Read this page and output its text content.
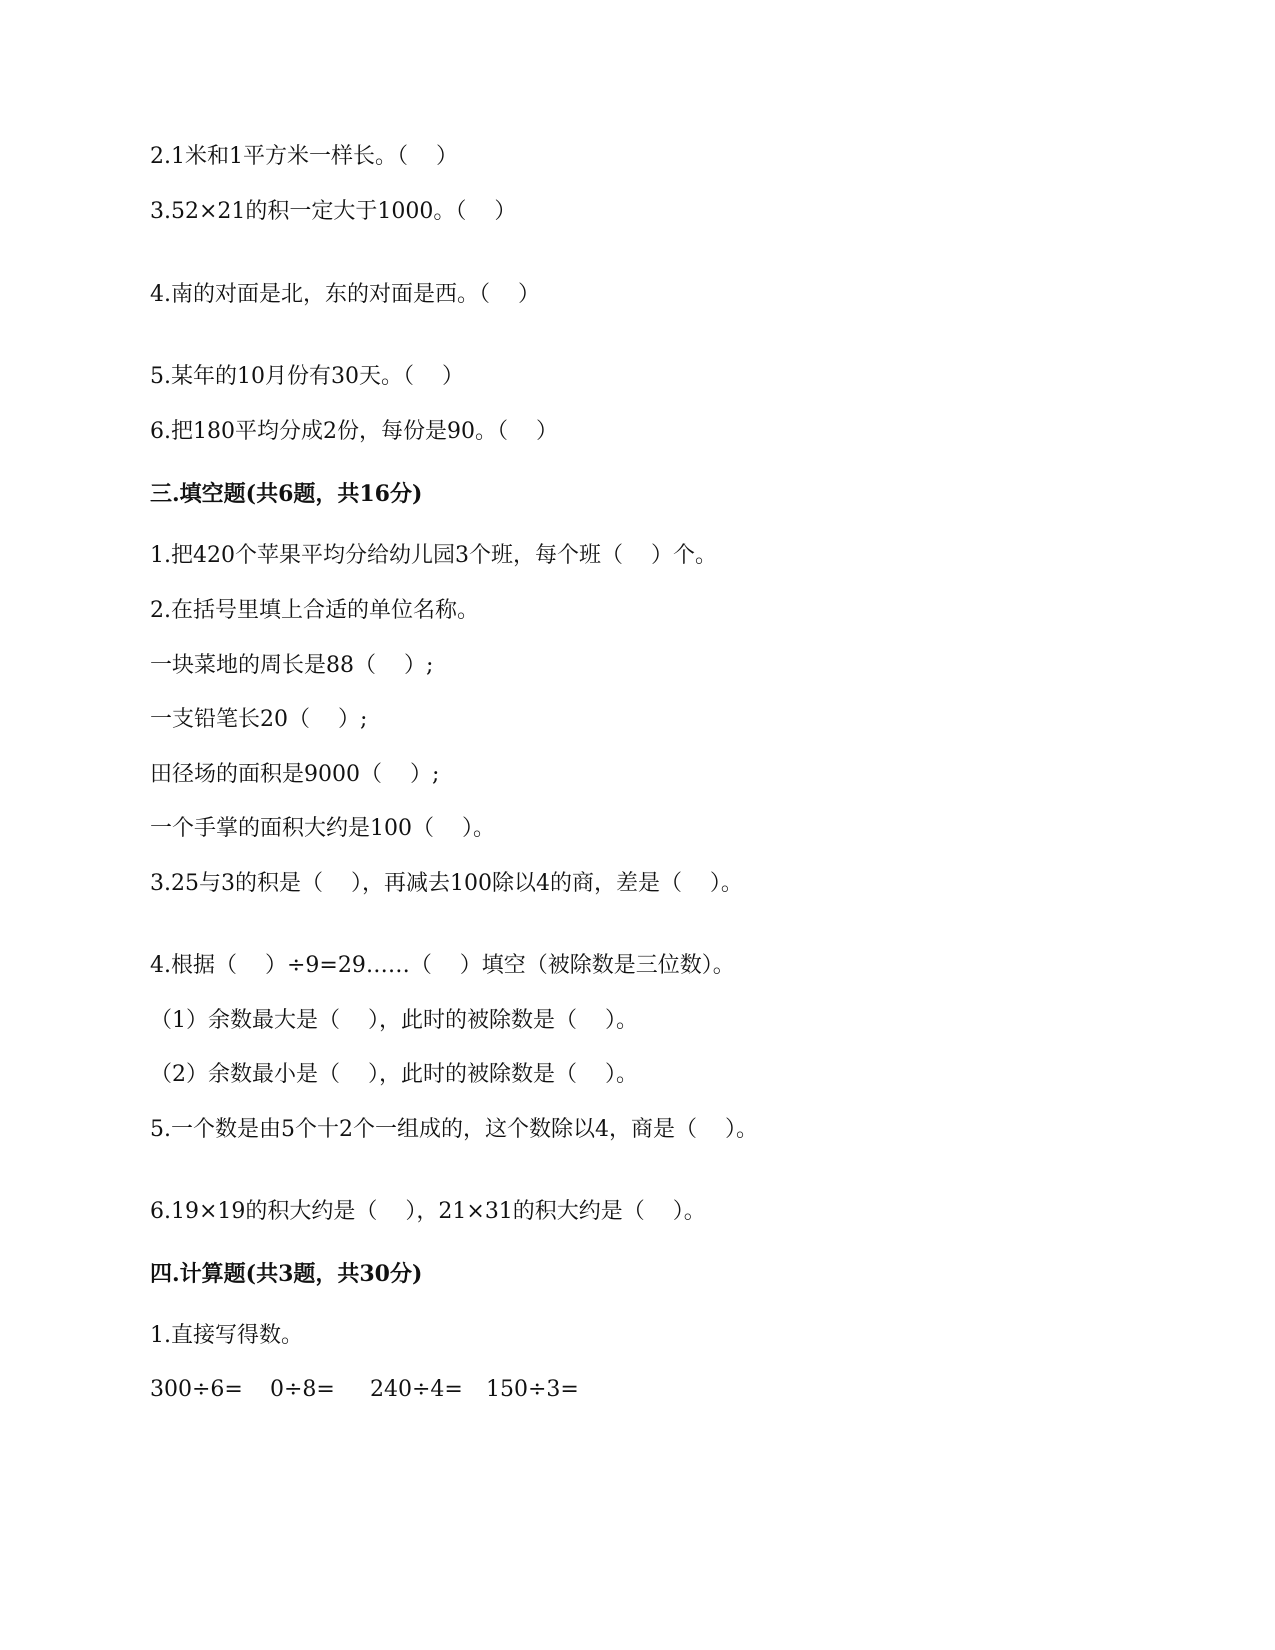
2.1米和1平方米一样长。（    ）
3.52×21的积一定大于1000。（    ）
4.南的对面是北，东的对面是西。（    ）
5.某年的10月份有30天。（    ）
6.把180平均分成2份，每份是90。（    ）
三.填空题(共6题，共16分)
1.把420个苹果平均分给幼儿园3个班，每个班（    ）个。
2.在括号里填上合适的单位名称。
一块菜地的周长是88（    ）;
一支铅笔长20（    ）;
田径场的面积是9000（    ）;
一个手掌的面积大约是100（    ）。
3.25与3的积是（    ），再减去100除以4的商，差是（    ）。
4.根据（    ）÷9=29……（    ）填空（被除数是三位数）。
（1）余数最大是（    ），此时的被除数是（    ）。
（2）余数最小是（    ），此时的被除数是（    ）。
5.一个数是由5个十2个一组成的，这个数除以4，商是（    ）。
6.19×19的积大约是（    ），21×31的积大约是（    ）。
四.计算题(共3题，共30分)
1.直接写得数。
300÷6= 0÷8= 240÷4= 150÷3=
